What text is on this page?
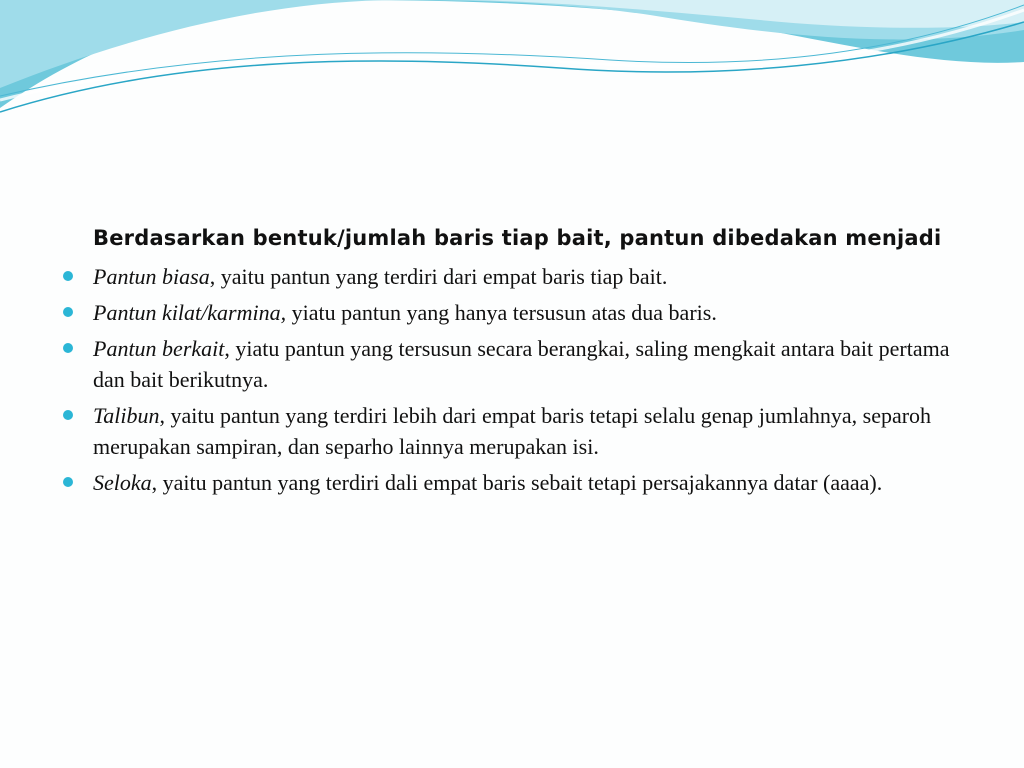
Berdasarkan bentuk/jumlah baris tiap bait, pantun dibedakan menjadi
Pantun biasa, yaitu pantun yang terdiri dari empat baris tiap bait.
Pantun kilat/karmina, yiatu pantun yang hanya tersusun atas dua baris.
Pantun berkait, yiatu pantun yang tersusun secara berangkai, saling mengkait antara bait pertama dan bait berikutnya.
Talibun, yaitu pantun yang terdiri lebih dari empat baris tetapi selalu genap jumlahnya, separoh merupakan sampiran, dan separho lainnya merupakan isi.
Seloka, yaitu pantun yang terdiri dali empat baris sebait tetapi persajakannya datar (aaaa).
